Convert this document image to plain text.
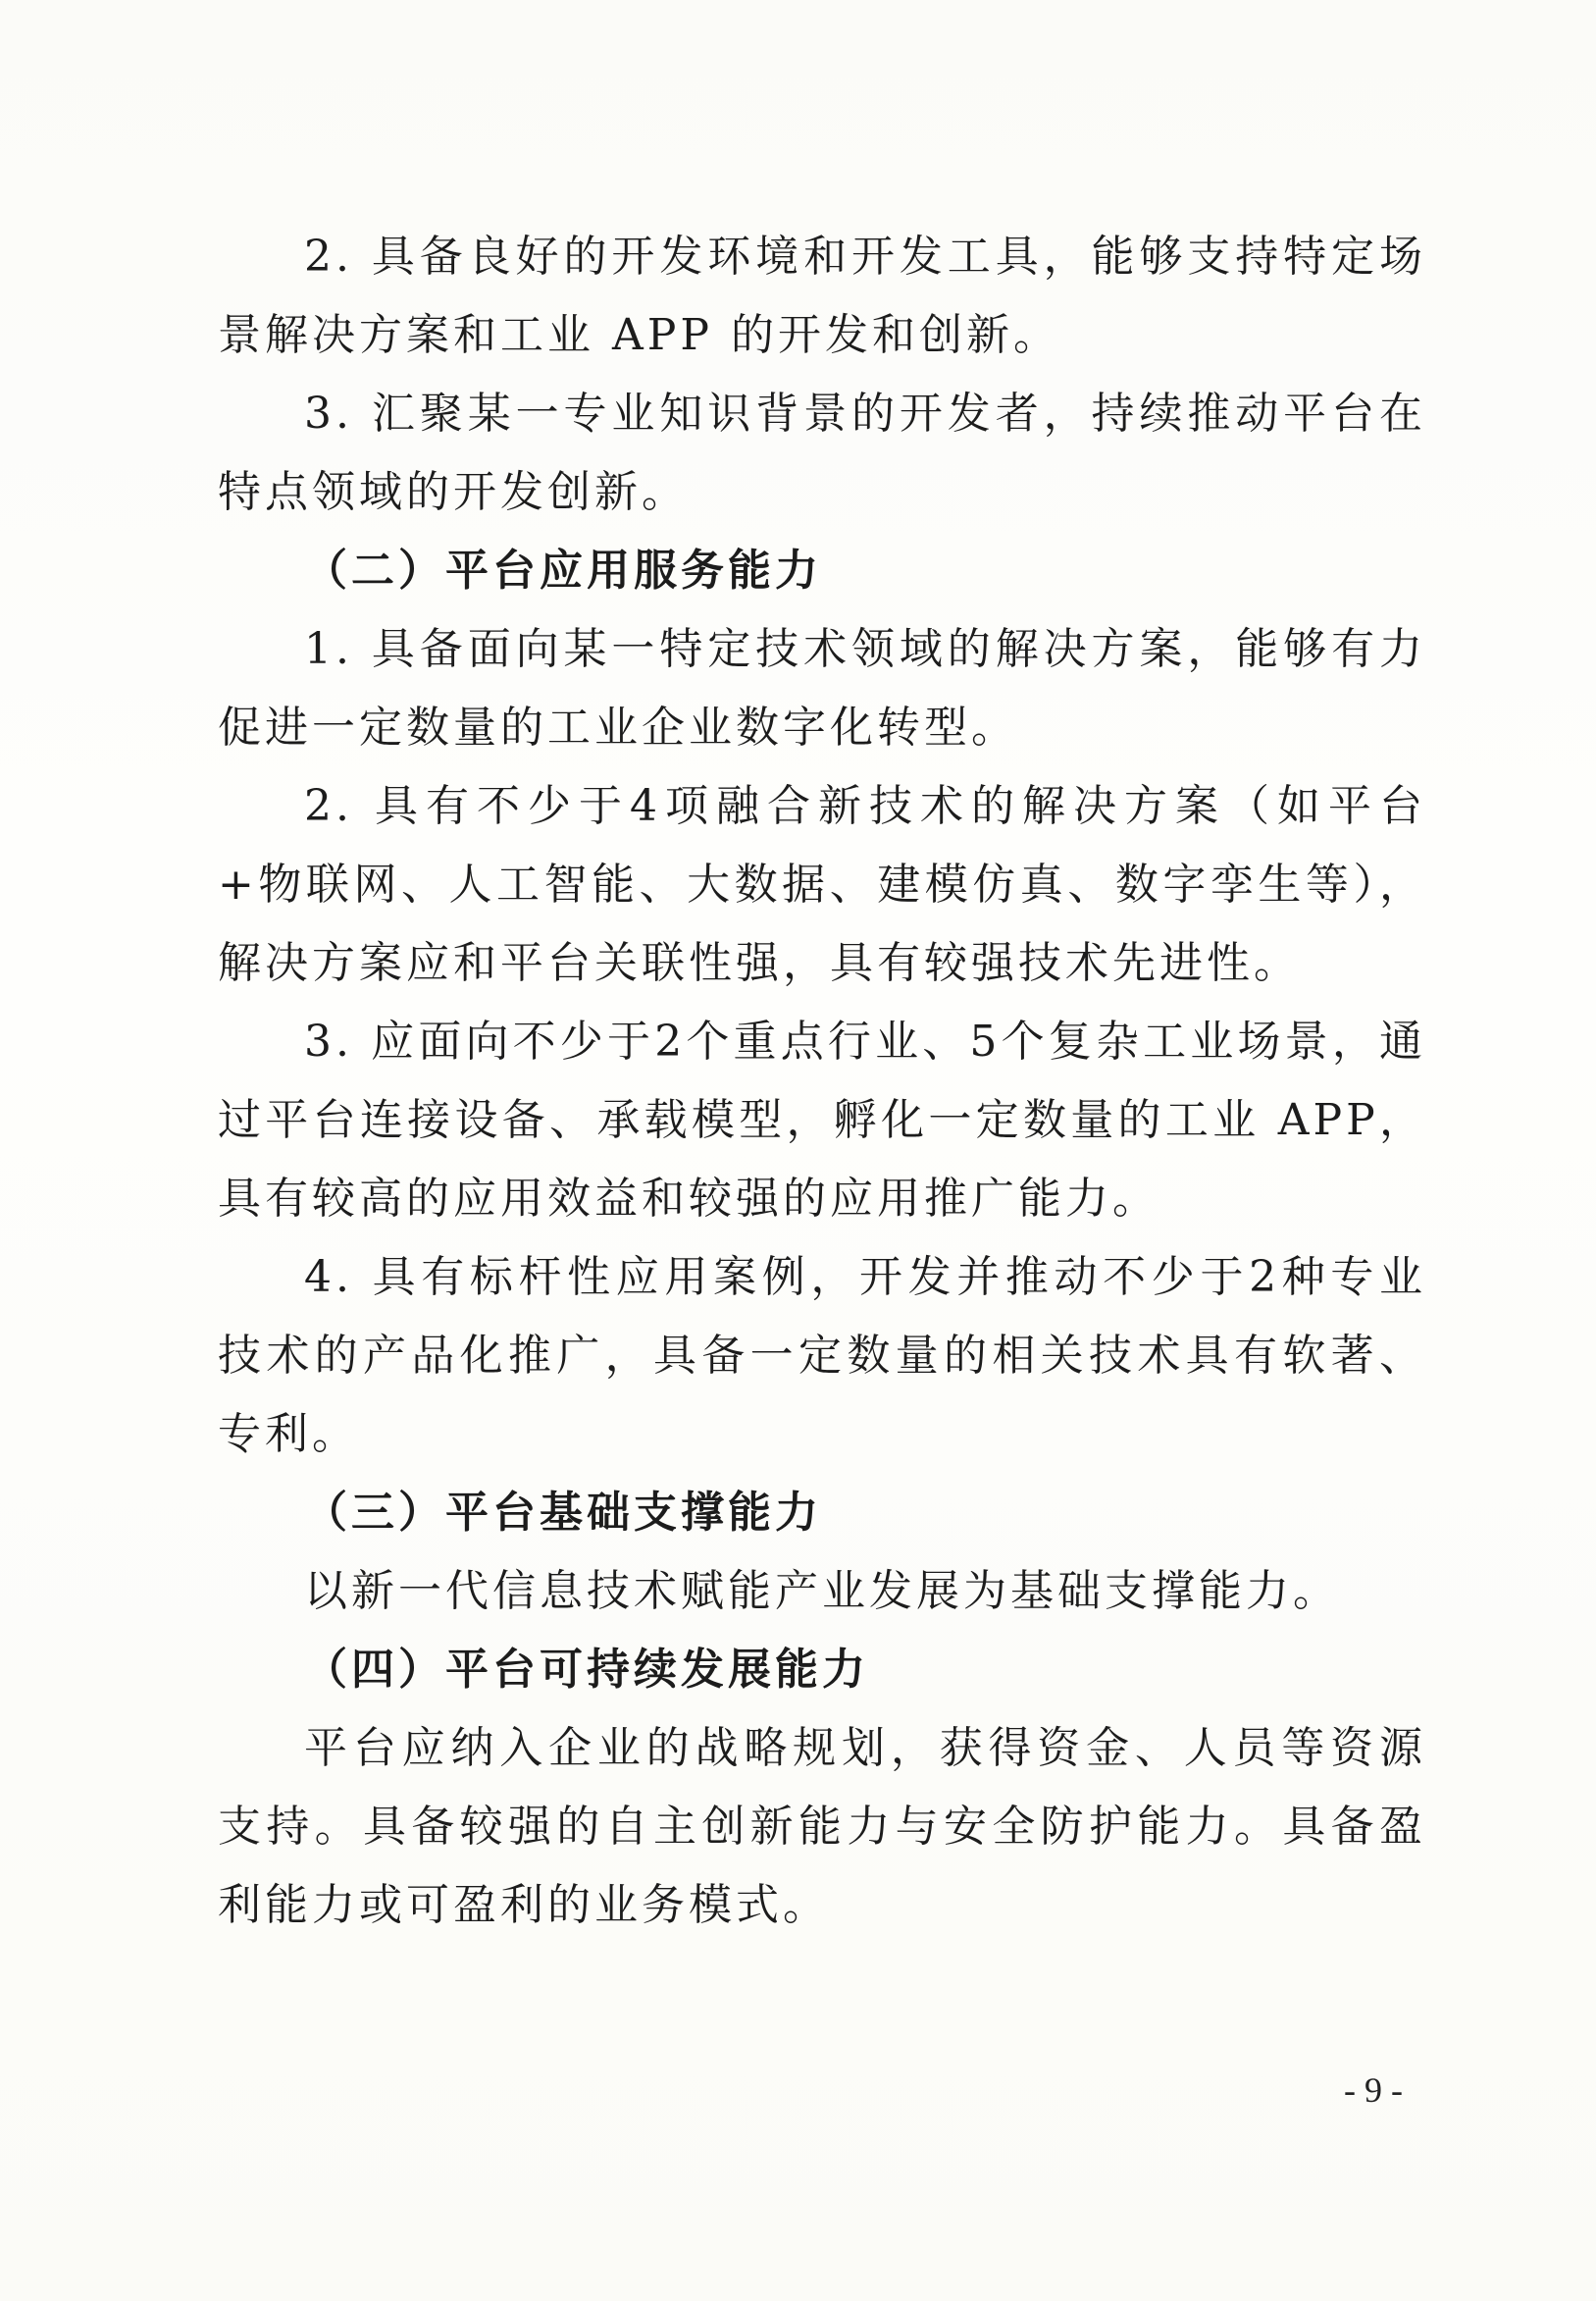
2. 具备良好的开发环境和开发工具，能够支持特定场景解决方案和工业 APP 的开发和创新。

3. 汇聚某一专业知识背景的开发者，持续推动平台在特点领域的开发创新。

（二）平台应用服务能力

1. 具备面向某一特定技术领域的解决方案，能够有力促进一定数量的工业企业数字化转型。

2. 具有不少于4项融合新技术的解决方案（如平台+物联网、人工智能、大数据、建模仿真、数字孪生等），解决方案应和平台关联性强，具有较强技术先进性。

3. 应面向不少于2个重点行业、5个复杂工业场景，通过平台连接设备、承载模型，孵化一定数量的工业 APP，具有较高的应用效益和较强的应用推广能力。

4. 具有标杆性应用案例，开发并推动不少于2种专业技术的产品化推广，具备一定数量的相关技术具有软著、专利。

（三）平台基础支撑能力

以新一代信息技术赋能产业发展为基础支撑能力。

（四）平台可持续发展能力

平台应纳入企业的战略规划，获得资金、人员等资源支持。具备较强的自主创新能力与安全防护能力。具备盈利能力或可盈利的业务模式。

- 9 -
